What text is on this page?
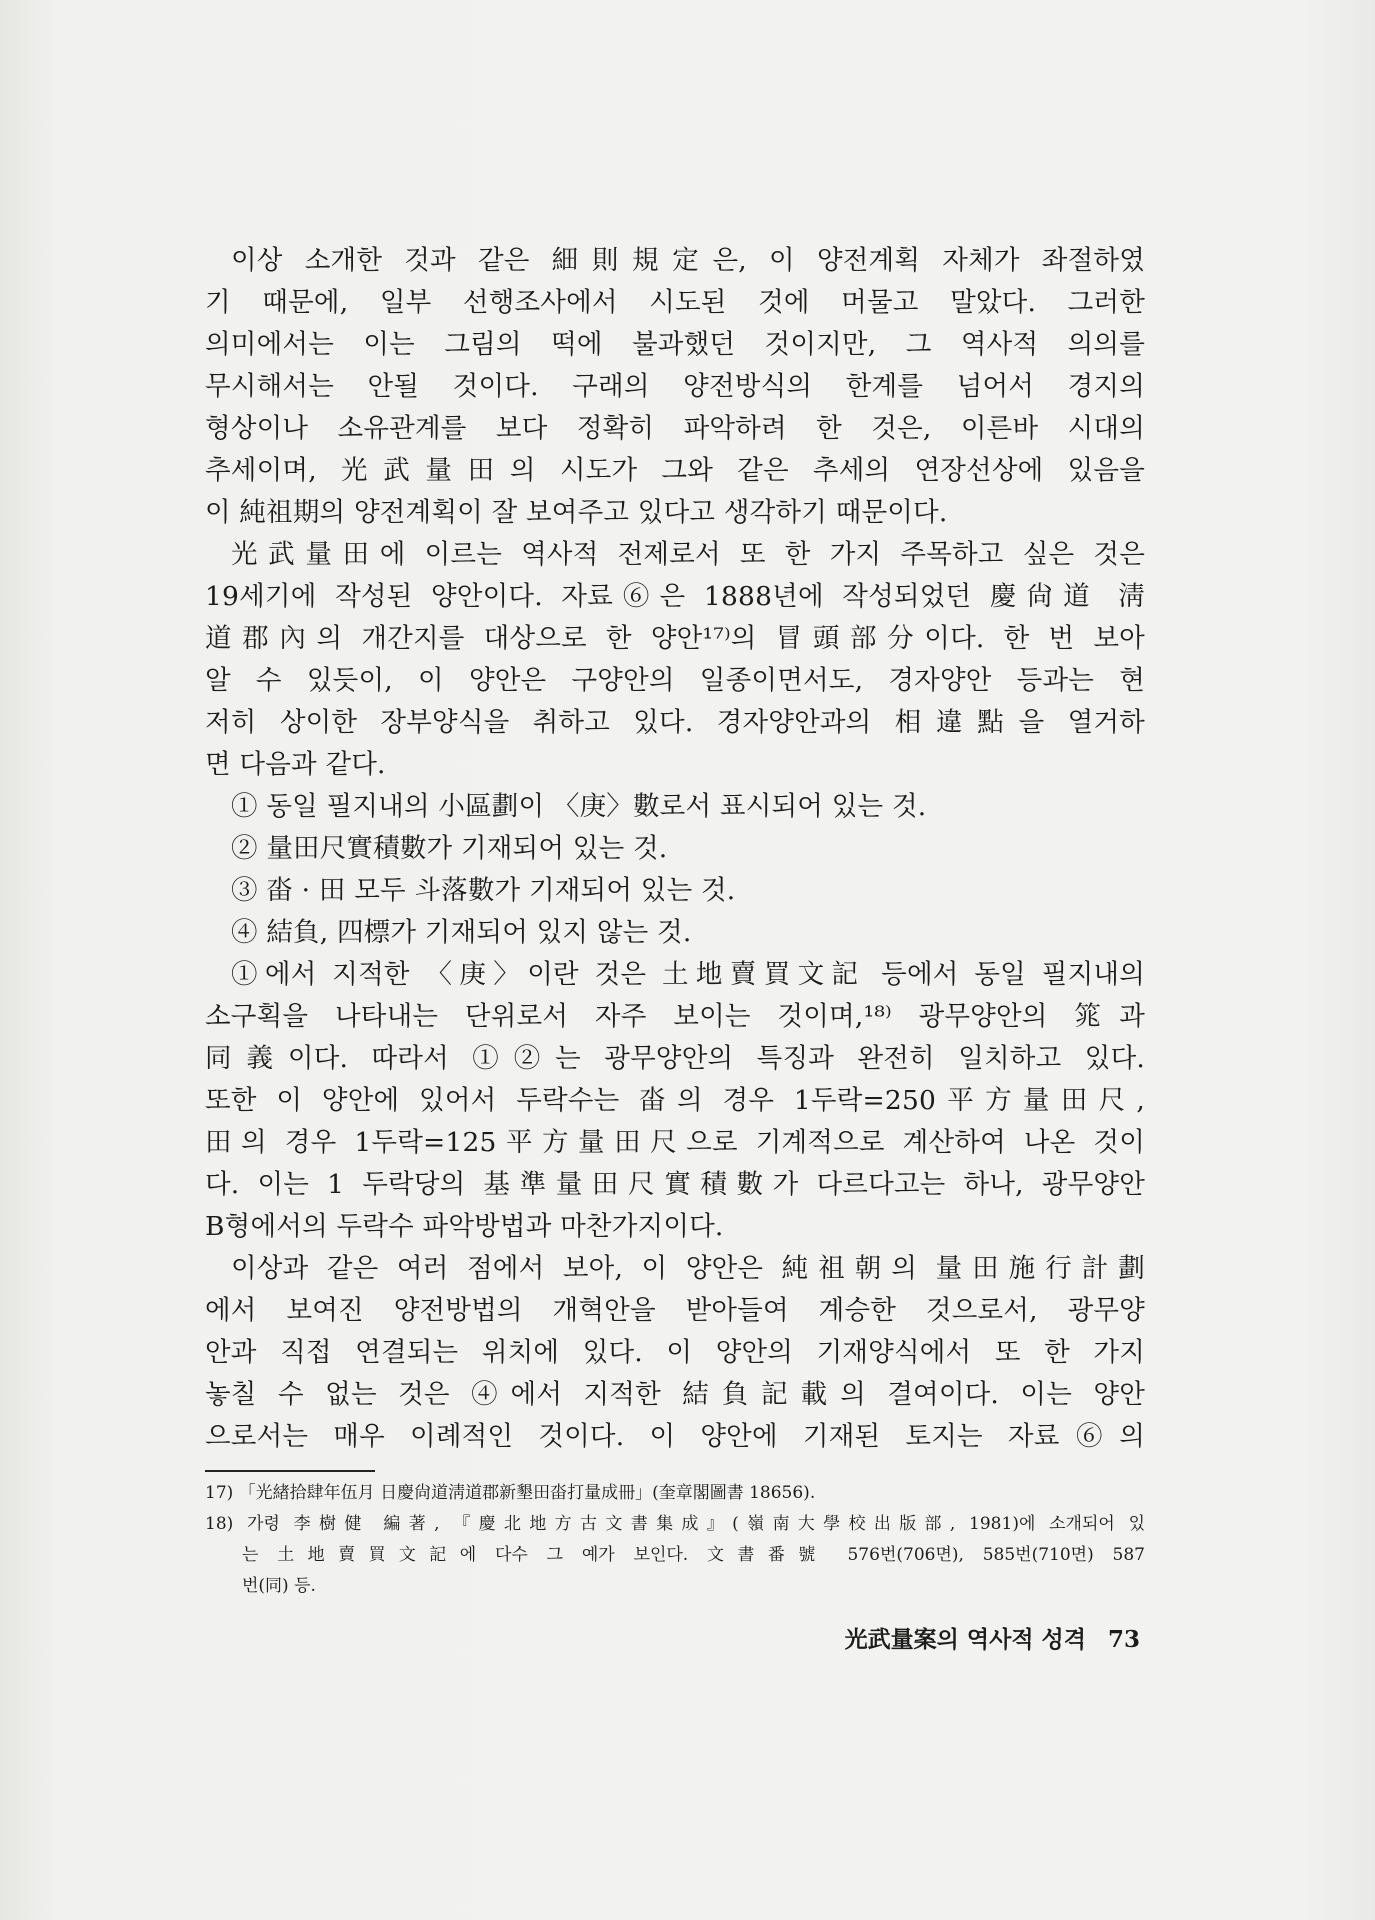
이상 소개한 것과 같은 細則規定은, 이 양전계획 자체가 좌절하였
기 때문에, 일부 선행조사에서 시도된 것에 머물고 말았다. 그러한
의미에서는 이는 그림의 떡에 불과했던 것이지만, 그 역사적 의의를
무시해서는 안될 것이다. 구래의 양전방식의 한계를 넘어서 경지의
형상이나 소유관계를 보다 정확히 파악하려 한 것은, 이른바 시대의
추세이며, 光武量田의 시도가 그와 같은 추세의 연장선상에 있음을
이 純祖期의 양전계획이 잘 보여주고 있다고 생각하기 때문이다.
光武量田에 이르는 역사적 전제로서 또 한 가지 주목하고 싶은 것은
19세기에 작성된 양안이다. 자료⑥은 1888년에 작성되었던 慶尙道 淸
道郡內의 개간지를 대상으로 한 양안¹⁷⁾의 冒頭部分이다. 한 번 보아
알 수 있듯이, 이 양안은 구양안의 일종이면서도, 경자양안 등과는 현
저히 상이한 장부양식을 취하고 있다. 경자양안과의 相違點을 열거하
면 다음과 같다.
① 동일 필지내의 小區劃이 〈庚〉數로서 표시되어 있는 것.
② 量田尺實積數가 기재되어 있는 것.
③ 畓 · 田 모두 斗落數가 기재되어 있는 것.
④ 結負, 四標가 기재되어 있지 않는 것.
①에서 지적한 〈庚〉이란 것은 土地賣買文記 등에서 동일 필지내의
소구획을 나타내는 단위로서 자주 보이는 것이며,¹⁸⁾ 광무양안의 筄과
同義이다. 따라서 ①②는 광무양안의 특징과 완전히 일치하고 있다.
또한 이 양안에 있어서 두락수는 畓의 경우 1두락=250平方量田尺,
田의 경우 1두락=125平方量田尺으로 기계적으로 계산하여 나온 것이
다. 이는 1 두락당의 基準量田尺實積數가 다르다고는 하나, 광무양안
B형에서의 두락수 파악방법과 마찬가지이다.
이상과 같은 여러 점에서 보아, 이 양안은 純祖朝의 量田施行計劃
에서 보여진 양전방법의 개혁안을 받아들여 계승한 것으로서, 광무양
안과 직접 연결되는 위치에 있다. 이 양안의 기재양식에서 또 한 가지
놓칠 수 없는 것은 ④에서 지적한 結負記載의 결여이다. 이는 양안
으로서는 매우 이례적인 것이다. 이 양안에 기재된 토지는 자료⑥의
17) 「光緖拾肆年伍月 日慶尙道淸道郡新墾田畓打量成冊」(奎章閣圖書 18656).
18) 가령 李樹健 編著, 『慶北地方古文書集成』(嶺南大學校出版部, 1981)에 소개되어 있
는 土地賣買文記에 다수 그 예가 보인다. 文書番號 576번(706면), 585번(710면) 587
번(同) 등.
光武量案의 역사적 성격 73
